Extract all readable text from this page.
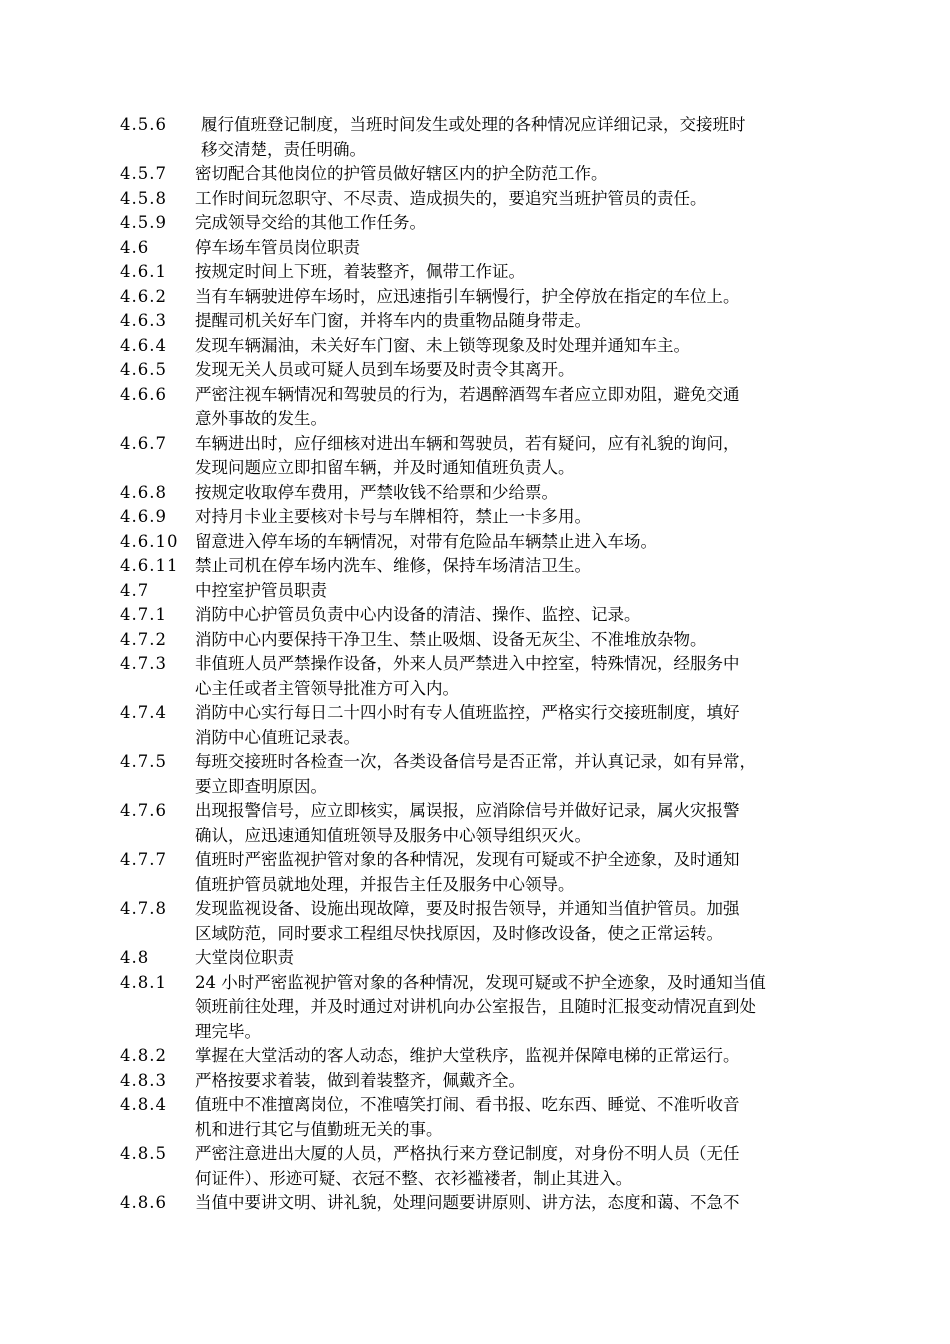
4.5.6 履行值班登记制度，当班时间发生或处理的各种情况应详细记录，交接班时
移交清楚，责任明确。
4.5.7 密切配合其他岗位的护管员做好辖区内的护全防范工作。
4.5.8 工作时间玩忽职守、不尽责、造成损失的，要追究当班护管员的责任。
4.5.9 完成领导交给的其他工作任务。
4.6	停车场车管员岗位职责
4.6.1 按规定时间上下班，着装整齐，佩带工作证。
4.6.2 当有车辆驶进停车场时，应迅速指引车辆慢行，护全停放在指定的车位上。
4.6.3 提醒司机关好车门窗，并将车内的贵重物品随身带走。
4.6.4 发现车辆漏油，未关好车门窗、未上锁等现象及时处理并通知车主。
4.6.5 发现无关人员或可疑人员到车场要及时责令其离开。
4.6.6 严密注视车辆情况和驾驶员的行为，若遇醉酒驾车者应立即劝阻，避免交通
意外事故的发生。
4.6.7 车辆进出时，应仔细核对进出车辆和驾驶员，若有疑问，应有礼貌的询问，
发现问题应立即扣留车辆，并及时通知值班负责人。
4.6.8 按规定收取停车费用，严禁收钱不给票和少给票。
4.6.9 对持月卡业主要核对卡号与车牌相符，禁止一卡多用。
4.6.10 留意进入停车场的车辆情况，对带有危险品车辆禁止进入车场。
4.6.11 禁止司机在停车场内洗车、维修，保持车场清洁卫生。
4.7	中控室护管员职责
4.7.1 消防中心护管员负责中心内设备的清洁、操作、监控、记录。
4.7.2 消防中心内要保持干净卫生、禁止吸烟、设备无灰尘、不准堆放杂物。
4.7.3 非值班人员严禁操作设备，外来人员严禁进入中控室，特殊情况，经服务中
心主任或者主管领导批准方可入内。
4.7.4 消防中心实行每日二十四小时有专人值班监控，严格实行交接班制度，填好
消防中心值班记录表。
4.7.5 每班交接班时各检查一次，各类设备信号是否正常，并认真记录，如有异常，
要立即查明原因。
4.7.6 出现报警信号，应立即核实，属误报，应消除信号并做好记录，属火灾报警
确认，应迅速通知值班领导及服务中心领导组织灭火。
4.7.7 值班时严密监视护管对象的各种情况，发现有可疑或不护全迹象，及时通知
值班护管员就地处理，并报告主任及服务中心领导。
4.7.8 发现监视设备、设施出现故障，要及时报告领导，并通知当值护管员。加强
区域防范，同时要求工程组尽快找原因，及时修改设备，使之正常运转。
4.8	大堂岗位职责
4.8.1 24 小时严密监视护管对象的各种情况，发现可疑或不护全迹象，及时通知当值
领班前往处理，并及时通过对讲机向办公室报告，且随时汇报变动情况直到处
理完毕。
4.8.2 掌握在大堂活动的客人动态，维护大堂秩序，监视并保障电梯的正常运行。
4.8.3 严格按要求着装，做到着装整齐，佩戴齐全。
4.8.4 值班中不准擅离岗位，不准嘻笑打闹、看书报、吃东西、睡觉、不准听收音
机和进行其它与值勤班无关的事。
4.8.5 严密注意进出大厦的人员，严格执行来方登记制度，对身份不明人员（无任
何证件）、形迹可疑、衣冠不整、衣衫褴褛者，制止其进入。
4.8.6 当值中要讲文明、讲礼貌，处理问题要讲原则、讲方法，态度和蔼、不急不
